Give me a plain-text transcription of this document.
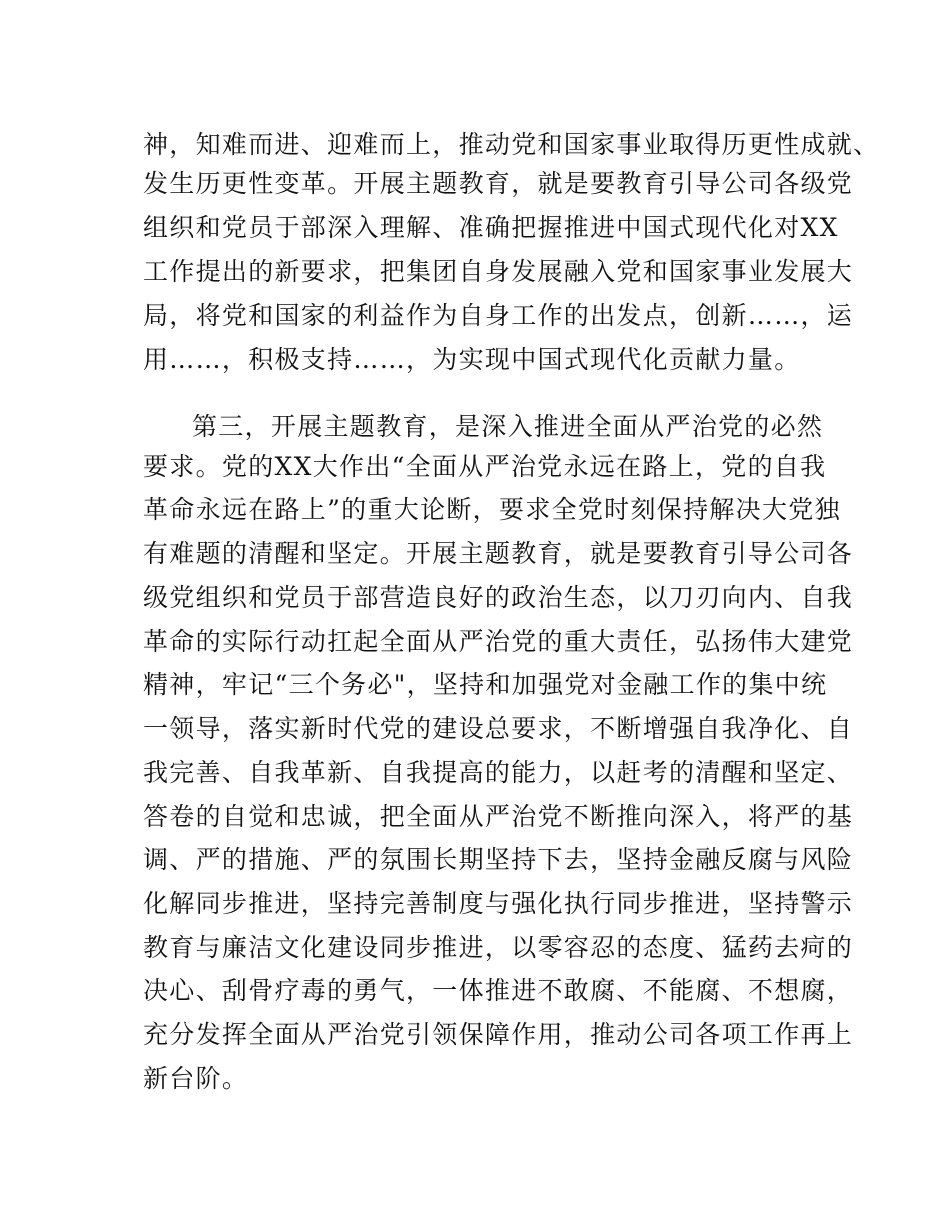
神，知难而进、迎难而上，推动党和国家事业取得历更性成就、
发生历更性变革。开展主题教育，就是要教育引导公司各级党
组织和党员于部深入理解、准确把握推进中国式现代化对XX
工作提出的新要求，把集团自身发展融入党和国家事业发展大
局，将党和国家的利益作为自身工作的出发点，创新……，运
用……，积极支持……，为实现中国式现代化贡献力量。
第三，开展主题教育，是深入推进全面从严治党的必然
要求。党的XX大作出“全面从严治党永远在路上，党的自我
革命永远在路上”的重大论断，要求全党时刻保持解决大党独
有难题的清醒和坚定。开展主题教育，就是要教育引导公司各
级党组织和党员于部营造良好的政治生态，以刀刃向内、自我
革命的实际行动扛起全面从严治党的重大责任，弘扬伟大建党
精神，牢记“三个务必"，坚持和加强党对金融工作的集中统
一领导，落实新时代党的建设总要求，不断增强自我净化、自
我完善、自我革新、自我提高的能力，以赶考的清醒和坚定、
答卷的自觉和忠诚，把全面从严治党不断推向深入，将严的基
调、严的措施、严的氛围长期坚持下去，坚持金融反腐与风险
化解同步推进，坚持完善制度与强化执行同步推进，坚持警示
教育与廉洁文化建设同步推进，以零容忍的态度、猛药去疴的
决心、刮骨疗毒的勇气，一体推进不敢腐、不能腐、不想腐，
充分发挥全面从严治党引领保障作用，推动公司各项工作再上
新台阶。
